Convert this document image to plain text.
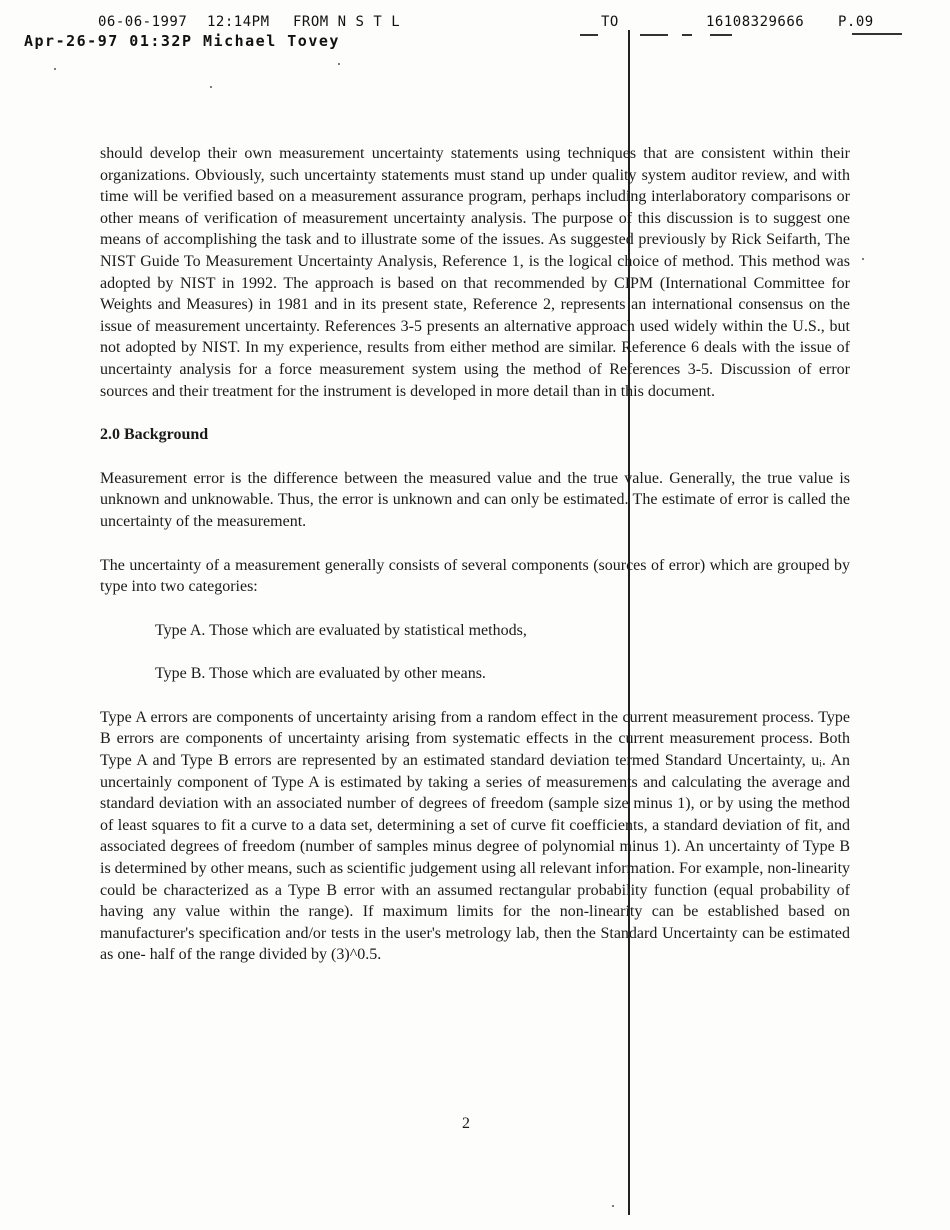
06-06-1997 12:14PM FROM N S T L	TO	16108329666 P.09
Apr-26-97 01:32P Michael Tovey

should develop their own measurement uncertainty statements using techniques that are consistent within their organizations. Obviously, such uncertainty statements must stand up under quality system auditor review, and with time will be verified based on a measurement assurance program, perhaps including interlaboratory comparisons or other means of verification of measurement uncertainty analysis. The purpose of this discussion is to suggest one means of accomplishing the task and to illustrate some of the issues. As suggested previously by Rick Seifarth, The NIST Guide To Measurement Uncertainty Analysis, Reference 1, is the logical choice of method. This method was adopted by NIST in 1992. The approach is based on that recommended by CIPM (International Committee for Weights and Measures) in 1981 and in its present state, Reference 2, represents an international consensus on the issue of measurement uncertainty. References 3-5 presents an alternative approach used widely within the U.S., but not adopted by NIST. In my experience, results from either method are similar. Reference 6 deals with the issue of uncertainty analysis for a force measurement system using the method of References 3-5. Discussion of error sources and their treatment for the instrument is developed in more detail than in this document.

2.0 Background

Measurement error is the difference between the measured value and the true value. Generally, the true value is unknown and unknowable. Thus, the error is unknown and can only be estimated. The estimate of error is called the uncertainty of the measurement.

The uncertainty of a measurement generally consists of several components (sources of error) which are grouped by type into two categories:

Type A. Those which are evaluated by statistical methods,

Type B. Those which are evaluated by other means.

Type A errors are components of uncertainty arising from a random effect in the current measurement process. Type B errors are components of uncertainty arising from systematic effects in the current measurement process. Both Type A and Type B errors are represented by an estimated standard deviation termed Standard Uncertainty, uᵢ. An uncertainly component of Type A is estimated by taking a series of measurements and calculating the average and standard deviation with an associated number of degrees of freedom (sample size minus 1), or by using the method of least squares to fit a curve to a data set, determining a set of curve fit coefficients, a standard deviation of fit, and associated degrees of freedom (number of samples minus degree of polynomial minus 1). An uncertainty of Type B is determined by other means, such as scientific judgement using all relevant information. For example, non-linearity could be characterized as a Type B error with an assumed rectangular probability function (equal probability of having any value within the range). If maximum limits for the non-linearity can be established based on manufacturer's specification and/or tests in the user's metrology lab, then the Standard Uncertainty can be estimated as one- half of the range divided by (3)^0.5.

2
